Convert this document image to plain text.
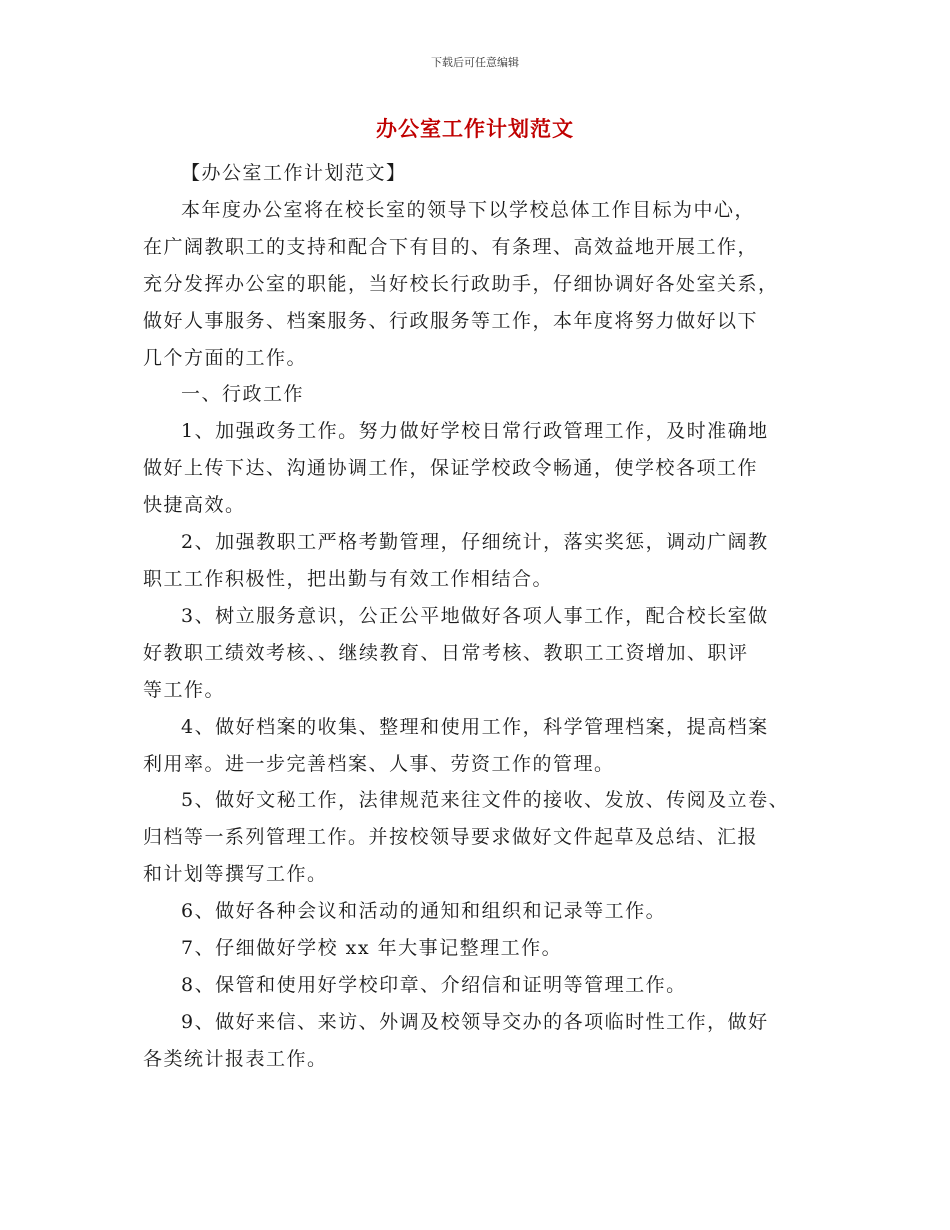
下载后可任意编辑
办公室工作计划范文

【办公室工作计划范文】

本年度办公室将在校长室的领导下以学校总体工作目标为中心，
在广阔教职工的支持和配合下有目的、有条理、高效益地开展工作，
充分发挥办公室的职能，当好校长行政助手，仔细协调好各处室关系，
做好人事服务、档案服务、行政服务等工作，本年度将努力做好以下
几个方面的工作。

一、行政工作

1、加强政务工作。努力做好学校日常行政管理工作，及时准确地
做好上传下达、沟通协调工作，保证学校政令畅通，使学校各项工作
快捷高效。

2、加强教职工严格考勤管理，仔细统计，落实奖惩，调动广阔教
职工工作积极性，把出勤与有效工作相结合。

3、树立服务意识，公正公平地做好各项人事工作，配合校长室做
好教职工绩效考核、、继续教育、日常考核、教职工工资增加、职评
等工作。

4、做好档案的收集、整理和使用工作，科学管理档案，提高档案
利用率。进一步完善档案、人事、劳资工作的管理。

5、做好文秘工作，法律规范来往文件的接收、发放、传阅及立卷、
归档等一系列管理工作。并按校领导要求做好文件起草及总结、汇报
和计划等撰写工作。

6、做好各种会议和活动的通知和组织和记录等工作。

7、仔细做好学校 xx 年大事记整理工作。

8、保管和使用好学校印章、介绍信和证明等管理工作。

9、做好来信、来访、外调及校领导交办的各项临时性工作，做好
各类统计报表工作。
